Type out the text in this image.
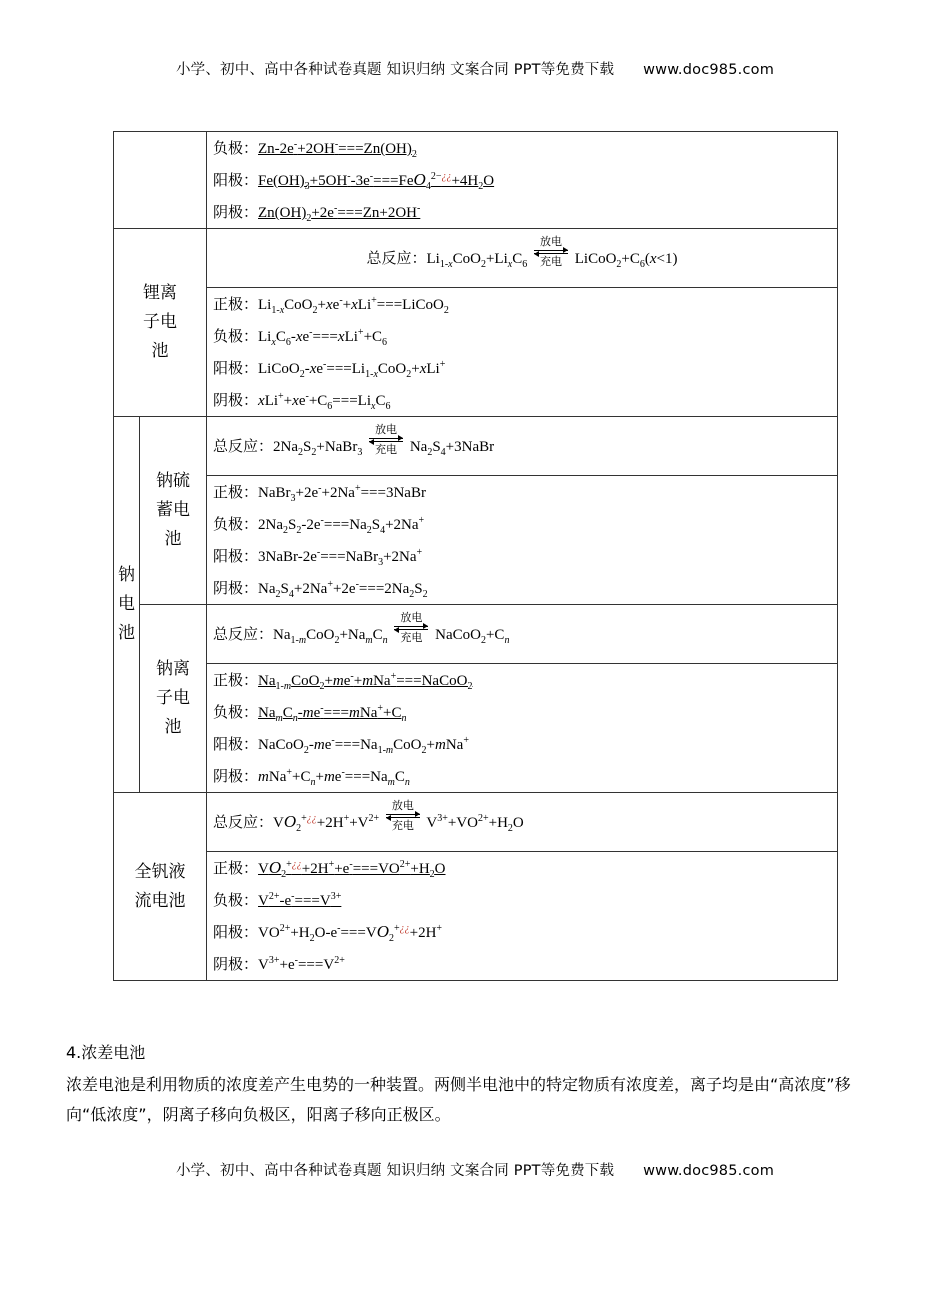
小学、初中、高中各种试卷真题 知识归纳 文案合同 PPT等免费下载 www.doc985.com

		负极：$Zn-2e^-+2OH^-===Zn(OH)_2$
阳极：$Fe(OH)_3+5OH^--3e^-===FeO_4^{2-¿¿}+4H_2O$
阴极：$Zn(OH)_2+2e^-===Zn+2OH^-$

锂离
子电
池		总反应：$Li_{1-x}CoO_2+Li_xC_6$ 放电
充电 $LiCoO_2+C_6(x<1)$

		正极：$Li_{1-x}CoO_2+xe^-+xLi^+===LiCoO_2$
负极：$Li_xC_6-xe^-===xLi^++C_6$
阳极：$LiCoO_2-xe^-===Li_{1-x}CoO_2+xLi^+$
阴极：$xLi^++xe^-+C_6===Li_xC_6$

钠
电
池	钠硫
蓄电
池	总反应：$2Na_2S_2+NaBr_3$ 放电
充电 $Na_2S_4+3NaBr$

		正极：NaBr$_3$+2e-+2Na+===3NaBr
负极：$2Na_2S_2-2e^-===Na_2S_4+2Na^+$
阳极：3NaBr-2e-===NaBr$_3$+2Na+
阴极：$Na_2S_4+2Na^++2e^-===2Na_2S_2$

	钠离
子电
池	总反应：$Na_{1-m}CoO_2+Na_mC_n$ 放电
充电 $NaCoO_2+C_n$

		正极：$Na_{1-m}CoO_2+me^-+mNa^+===NaCoO_2$
负极：$Na_mC_n-me^-===mNa^++C_n$
阳极：$NaCoO_2-me^-===Na_{1-m}CoO_2+mNa^+$
阴极：$mNa^++C_n+me^-===Na_mC_n$

全钒液
流电池		总反应：$VO_2^{+¿¿}+2H^++V^{2+}$ 放电
充电 $V^{3+}+VO^{2+}+H_2O$

		正极：$VO_2^{+¿¿}+2H^++e^-===VO^{2+}+H_2O$
负极：$V^{2+}-e^-===V^{3+}$
阳极：$VO^{2+}+H_2O-e^-===VO_2^{+¿¿}+2H^+$
阴极：$V^{3+}+e^-===V^{2+}$
4.浓差电池
浓差电池是利用物质的浓度差产生电势的一种装置。两侧半电池中的特定物质有浓度差，离子均是由“高浓度”移向“低浓度”，阴离子移向负极区，阳离子移向正极区。
小学、初中、高中各种试卷真题 知识归纳 文案合同 PPT等免费下载 www.doc985.com
